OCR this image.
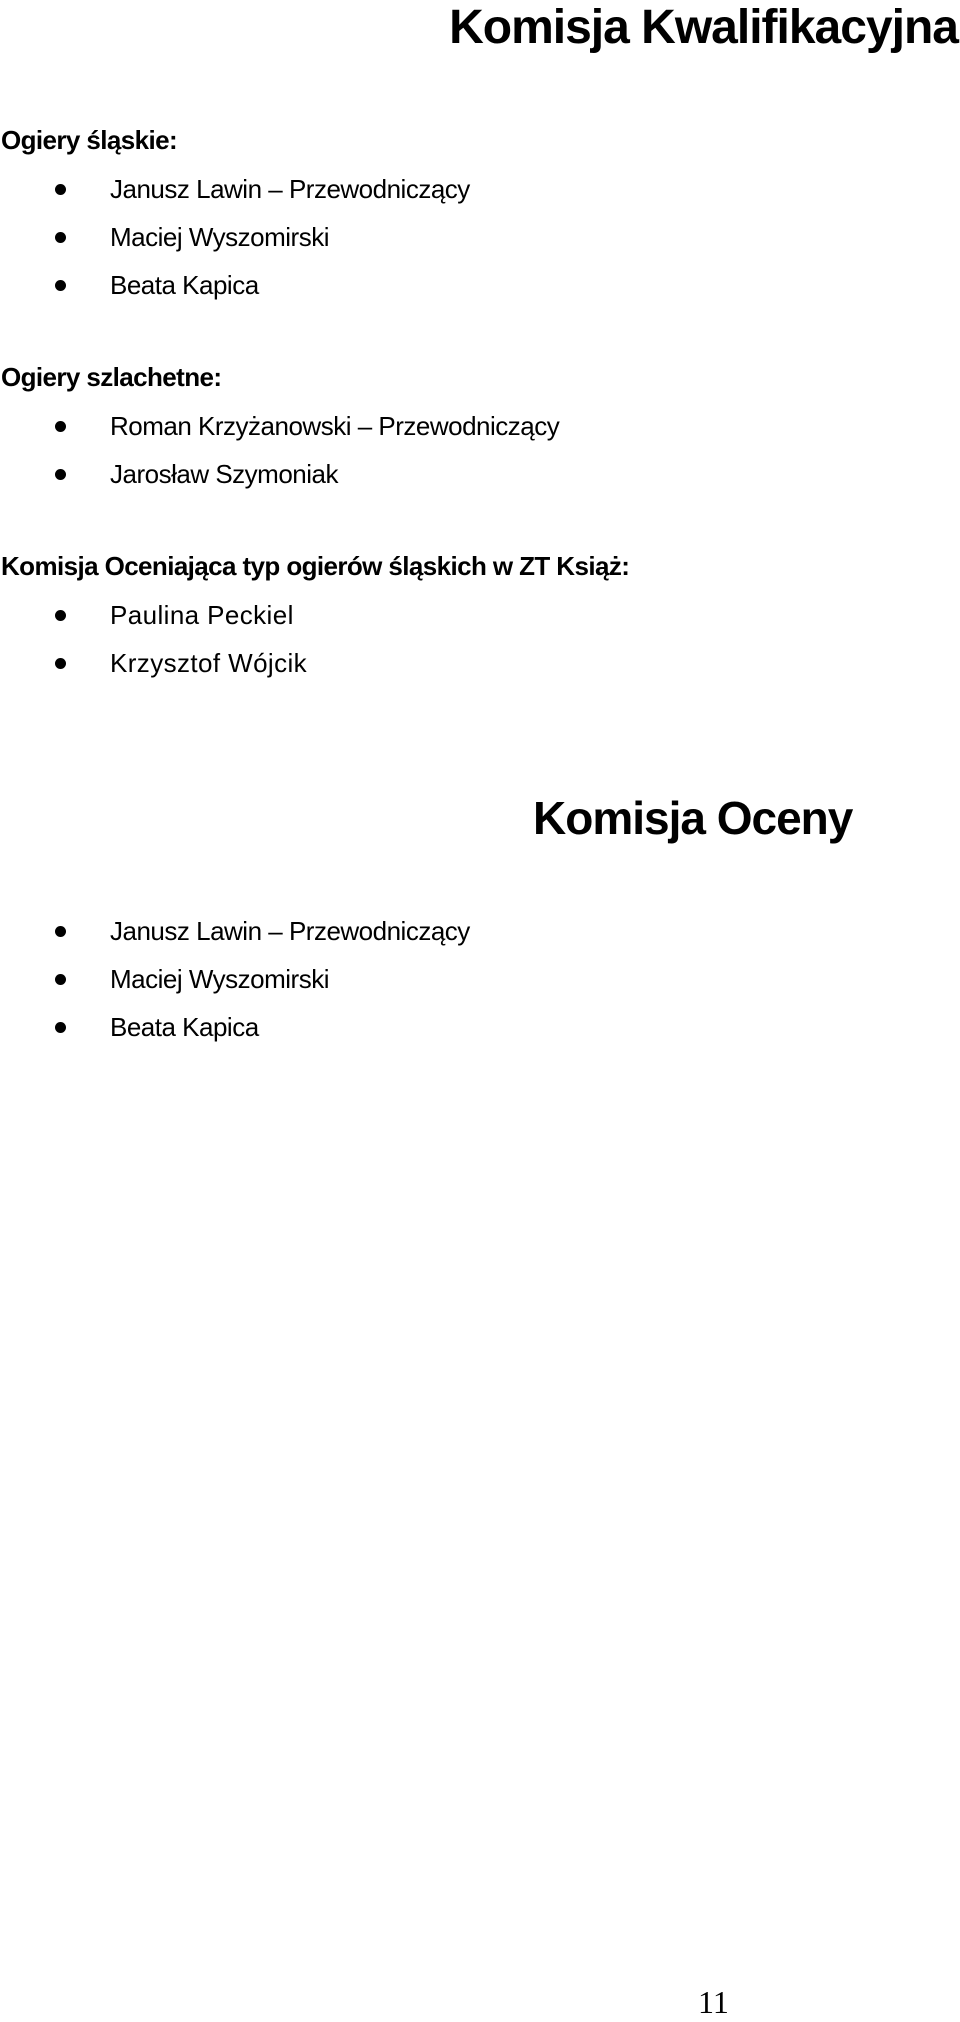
Komisja Kwalifikacyjna
Ogiery śląskie:
Janusz Lawin – Przewodniczący
Maciej Wyszomirski
Beata Kapica
Ogiery szlachetne:
Roman Krzyżanowski – Przewodniczący
Jarosław Szymoniak
Komisja Oceniająca typ ogierów śląskich w ZT Książ:
Paulina Peckiel
Krzysztof Wójcik
Komisja Oceny
Janusz Lawin – Przewodniczący
Maciej Wyszomirski
Beata Kapica
11
